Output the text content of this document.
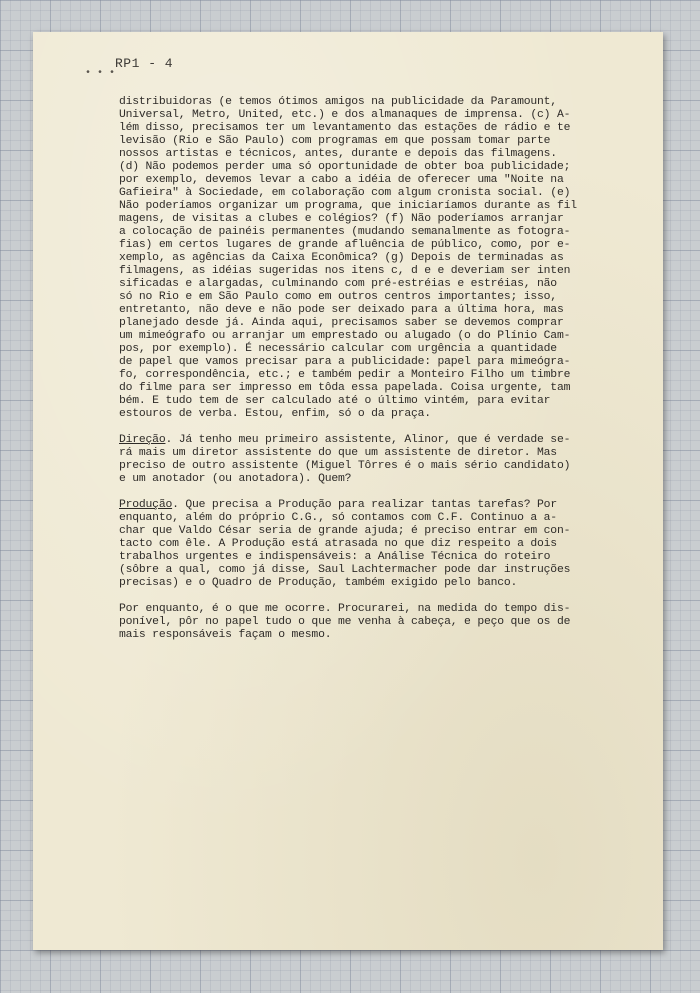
• • •
RP1 - 4
distribuidoras (e temos ótimos amigos na publicidade da Paramount,
Universal, Metro, United, etc.) e dos almanaques de imprensa. (c) A-
lém disso, precisamos ter um levantamento das estações de rádio e te
levisão (Rio e São Paulo) com programas em que possam tomar parte
nossos artistas e técnicos, antes, durante e depois das filmagens.
(d) Não podemos perder uma só oportunidade de obter boa publicidade;
por exemplo, devemos levar a cabo a idéia de oferecer uma "Noite na
Gafieira" à Sociedade, em colaboração com algum cronista social. (e)
Não poderíamos organizar um programa, que iniciaríamos durante as fil
magens, de visitas a clubes e colégios? (f) Não poderíamos arranjar
a colocação de painéis permanentes (mudando semanalmente as fotogra-
fias) em certos lugares de grande afluência de público, como, por e-
xemplo, as agências da Caixa Econômica? (g) Depois de terminadas as
filmagens, as idéias sugeridas nos itens c, d e e deveriam ser inten
sificadas e alargadas, culminando com pré-estréias e estréias, não
só no Rio e em São Paulo como em outros centros importantes; isso,
entretanto, não deve e não pode ser deixado para a última hora, mas
planejado desde já. Ainda aqui, precisamos saber se devemos comprar
um mimeógrafo ou arranjar um emprestado ou alugado (o do Plínio Cam-
pos, por exemplo). É necessário calcular com urgência a quantidade
de papel que vamos precisar para a publicidade: papel para mimeógra-
fo, correspondência, etc.; e também pedir a Monteiro Filho um timbre
do filme para ser impresso em tôda essa papelada. Coisa urgente, tam
bém. E tudo tem de ser calculado até o último vintém, para evitar
estouros de verba. Estou, enfim, só o da praça.
Direção. Já tenho meu primeiro assistente, Alinor, que é verdade se-
rá mais um diretor assistente do que um assistente de diretor. Mas
preciso de outro assistente (Miguel Tôrres é o mais sério candidato)
e um anotador (ou anotadora). Quem?
Produção. Que precisa a Produção para realizar tantas tarefas? Por
enquanto, além do próprio C.G., só contamos com C.F. Continuo a a-
char que Valdo César seria de grande ajuda; é preciso entrar em con-
tacto com êle. A Produção está atrasada no que diz respeito a dois
trabalhos urgentes e indispensáveis: a Análise Técnica do roteiro
(sôbre a qual, como já disse, Saul Lachtermacher pode dar instruções
precisas) e o Quadro de Produção, também exigido pelo banco.
Por enquanto, é o que me ocorre. Procurarei, na medida do tempo dis-
ponível, pôr no papel tudo o que me venha à cabeça, e peço que os de
mais responsáveis façam o mesmo.
